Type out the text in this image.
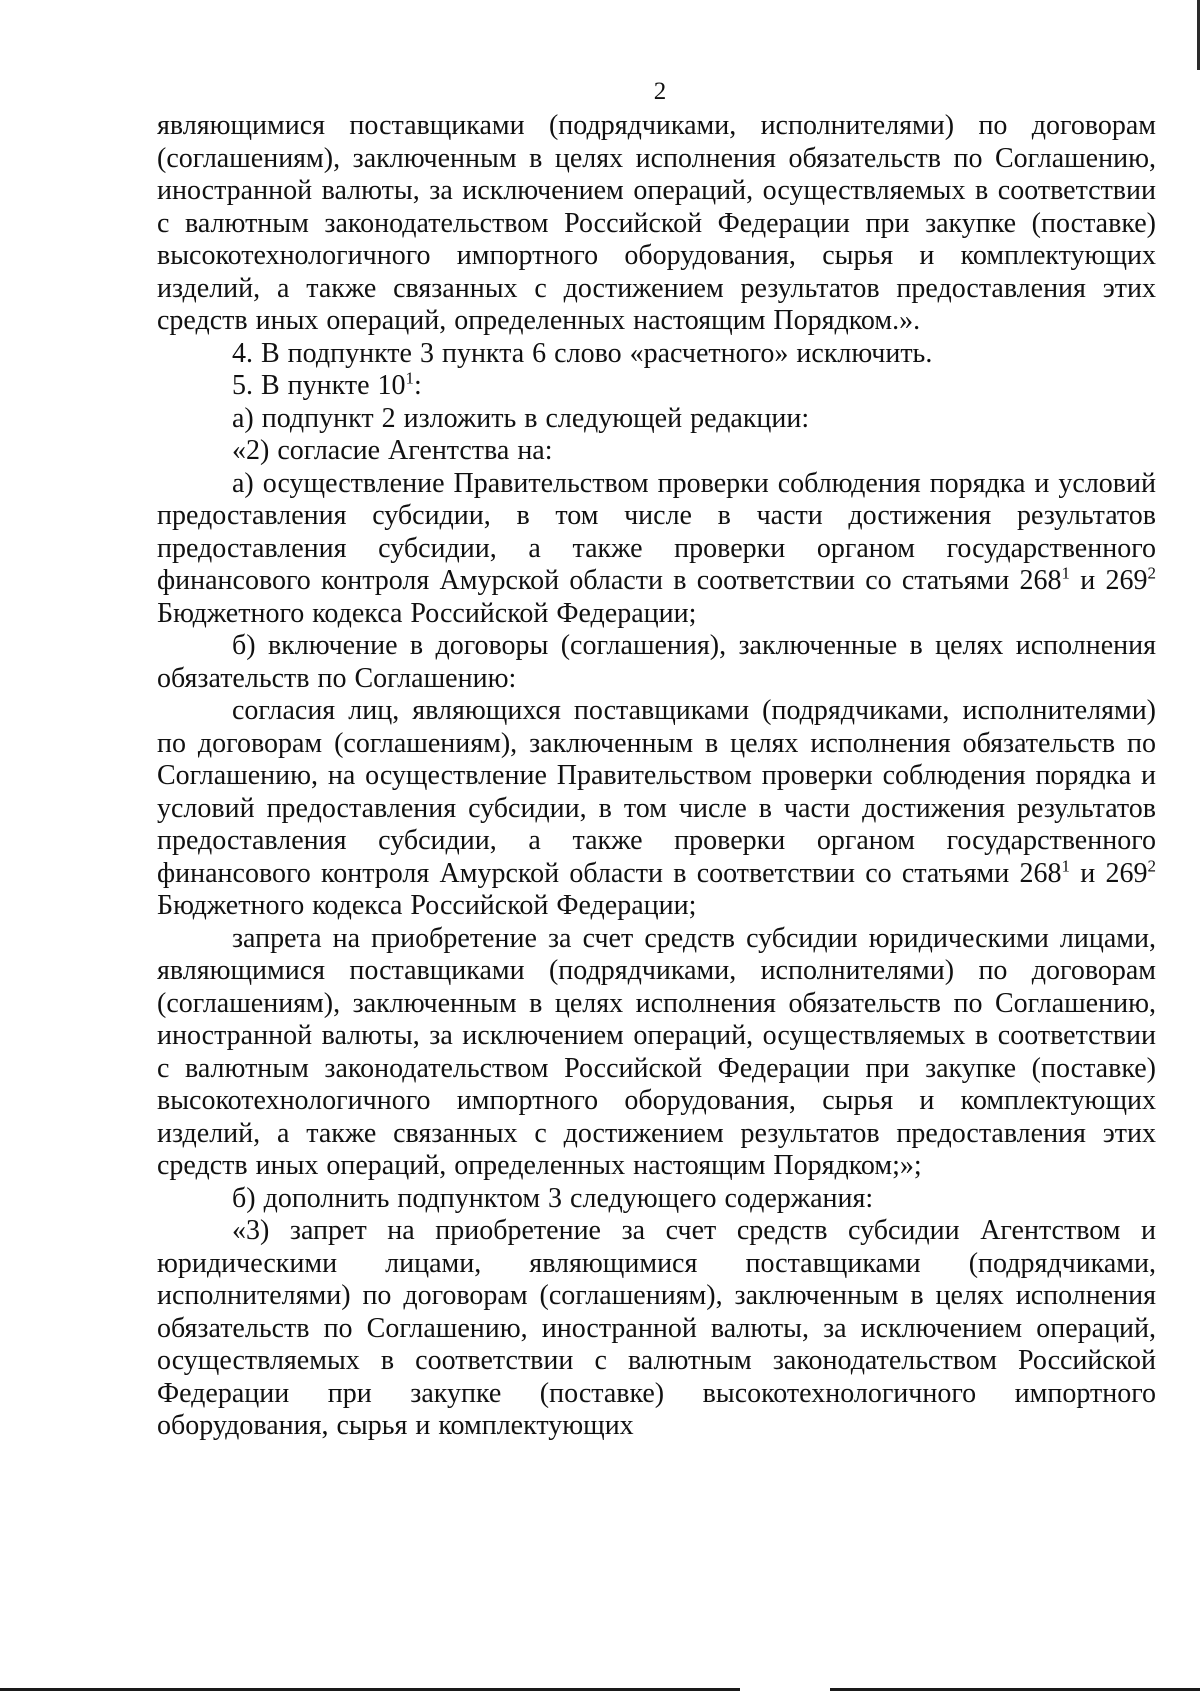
2

являющимися поставщиками (подрядчиками, исполнителями) по договорам (соглашениям), заключенным в целях исполнения обязательств по Соглашению, иностранной валюты, за исключением операций, осуществляемых в соответствии с валютным законодательством Российской Федерации при закупке (поставке) высокотехнологичного импортного оборудования, сырья и комплектующих изделий, а также связанных с достижением результатов предоставления этих средств иных операций, определенных настоящим Порядком.».

4. В подпункте 3 пункта 6 слово «расчетного» исключить.

5. В пункте $10^1$:

а) подпункт 2 изложить в следующей редакции:

«2) согласие Агентства на:

а) осуществление Правительством проверки соблюдения порядка и условий предоставления субсидии, в том числе в части достижения результатов предоставления субсидии, а также проверки органом государственного финансового контроля Амурской области в соответствии со статьями $268^1$ и $269^2$ Бюджетного кодекса Российской Федерации;

б) включение в договоры (соглашения), заключенные в целях исполнения обязательств по Соглашению:

согласия лиц, являющихся поставщиками (подрядчиками, исполнителями) по договорам (соглашениям), заключенным в целях исполнения обязательств по Соглашению, на осуществление Правительством проверки соблюдения порядка и условий предоставления субсидии, в том числе в части достижения результатов предоставления субсидии, а также проверки органом государственного финансового контроля Амурской области в соответствии со статьями $268^1$ и $269^2$ Бюджетного кодекса Российской Федерации;

запрета на приобретение за счет средств субсидии юридическими лицами, являющимися поставщиками (подрядчиками, исполнителями) по договорам (соглашениям), заключенным в целях исполнения обязательств по Соглашению, иностранной валюты, за исключением операций, осуществляемых в соответствии с валютным законодательством Российской Федерации при закупке (поставке) высокотехнологичного импортного оборудования, сырья и комплектующих изделий, а также связанных с достижением результатов предоставления этих средств иных операций, определенных настоящим Порядком;»;

б) дополнить подпунктом 3 следующего содержания:

«3) запрет на приобретение за счет средств субсидии Агентством и юридическими лицами, являющимися поставщиками (подрядчиками, исполнителями) по договорам (соглашениям), заключенным в целях исполнения обязательств по Соглашению, иностранной валюты, за исключением операций, осуществляемых в соответствии с валютным законодательством Российской Федерации при закупке (поставке) высокотехнологичного импортного оборудования, сырья и комплектующих
